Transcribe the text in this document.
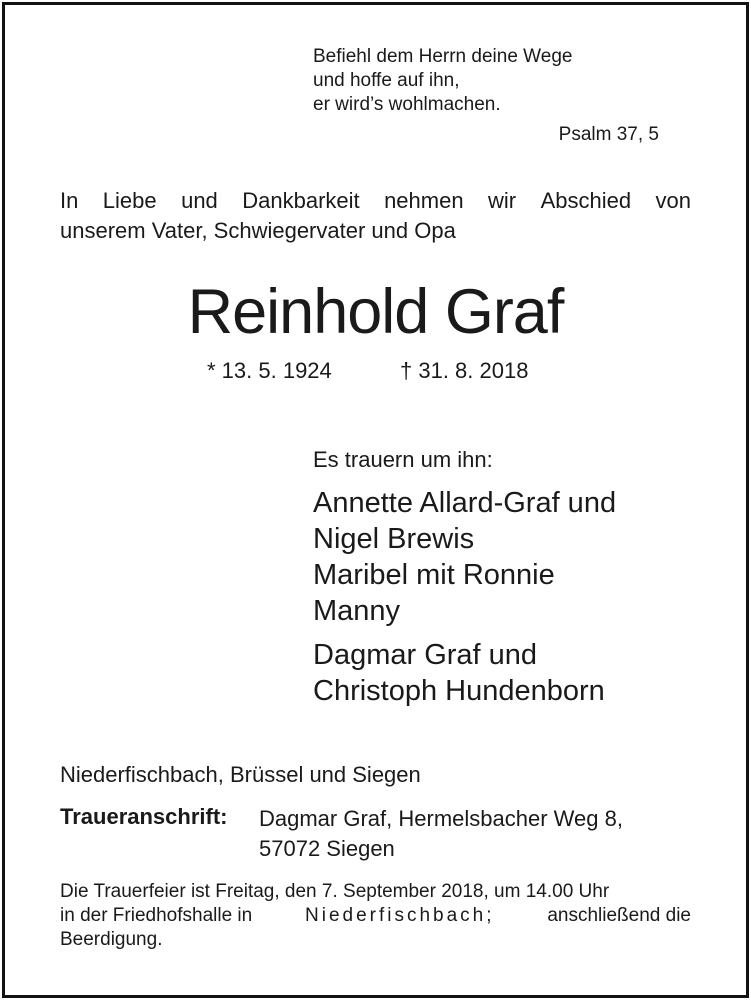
Befiehl dem Herrn deine Wege
und hoffe auf ihn,
er wird’s wohlmachen.
Psalm 37, 5
In Liebe und Dankbarkeit nehmen wir Abschied von
unserem Vater, Schwiegervater und Opa
Reinhold Graf
* 13. 5. 1924	† 31. 8. 2018
Es trauern um ihn:
Annette Allard-Graf und
Nigel Brewis
Maribel mit Ronnie
Manny
Dagmar Graf und
Christoph Hundenborn
Niederfischbach, Brüssel und Siegen
Traueranschrift: Dagmar Graf, Hermelsbacher Weg 8,
57072 Siegen
Die Trauerfeier ist Freitag, den 7. September 2018, um 14.00 Uhr
in der Friedhofshalle in	Niederfischbach;	anschließend die
Beerdigung.
